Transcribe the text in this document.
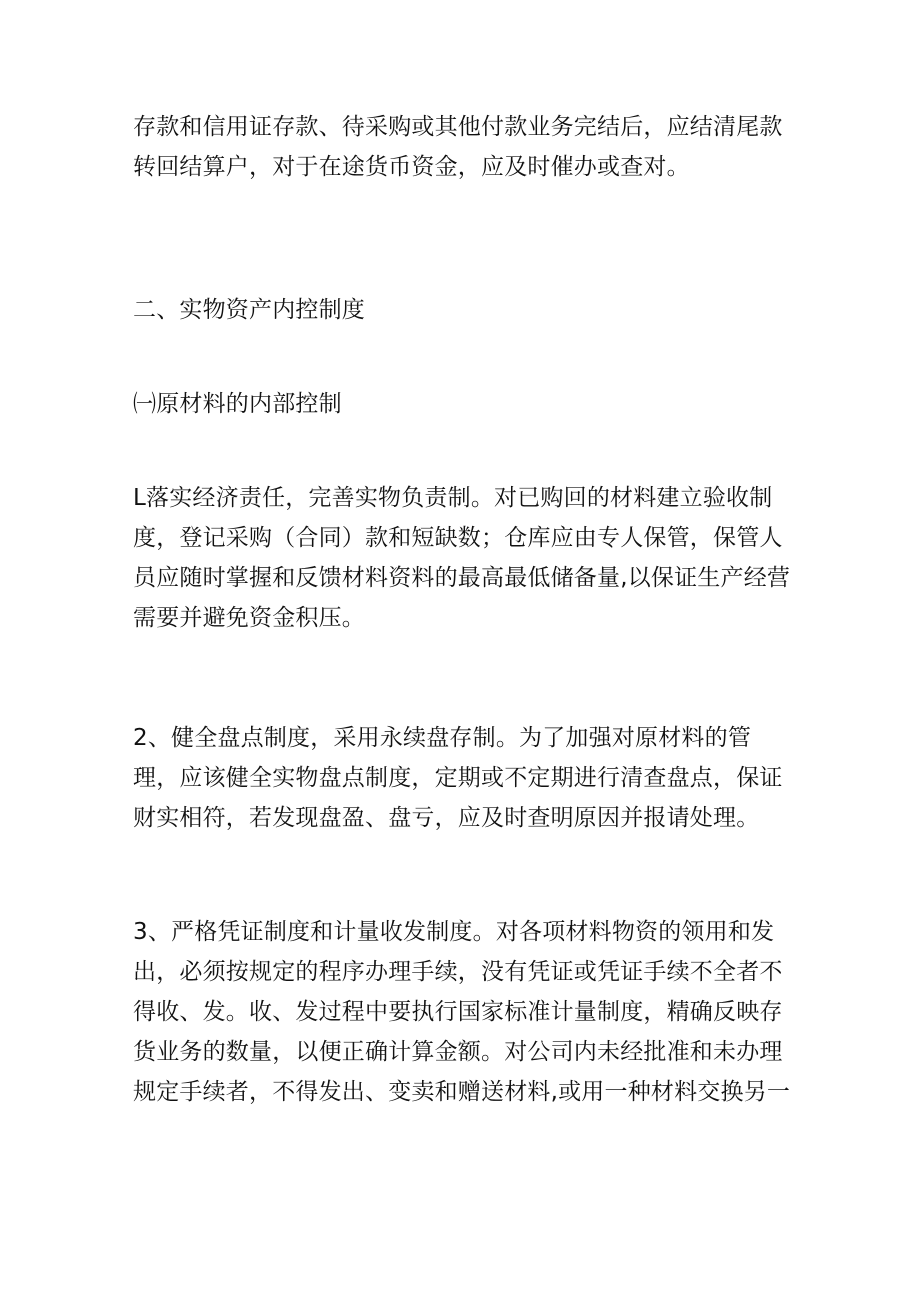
存款和信用证存款、待采购或其他付款业务完结后，应结清尾款
转回结算户，对于在途货币资金，应及时催办或查对。

二、实物资产内控制度

㈠原材料的内部控制

L落实经济责任，完善实物负责制。对已购回的材料建立验收制
度，登记采购（合同）款和短缺数；仓库应由专人保管，保管人
员应随时掌握和反馈材料资料的最高最低储备量,以保证生产经营
需要并避免资金积压。

2、健全盘点制度，采用永续盘存制。为了加强对原材料的管
理，应该健全实物盘点制度，定期或不定期进行清查盘点，保证
财实相符，若发现盘盈、盘亏，应及时查明原因并报请处理。

3、严格凭证制度和计量收发制度。对各项材料物资的领用和发
出，必须按规定的程序办理手续，没有凭证或凭证手续不全者不
得收、发。收、发过程中要执行国家标准计量制度，精确反映存
货业务的数量，以便正确计算金额。对公司内未经批准和未办理
规定手续者，不得发出、变卖和赠送材料,或用一种材料交换另一
